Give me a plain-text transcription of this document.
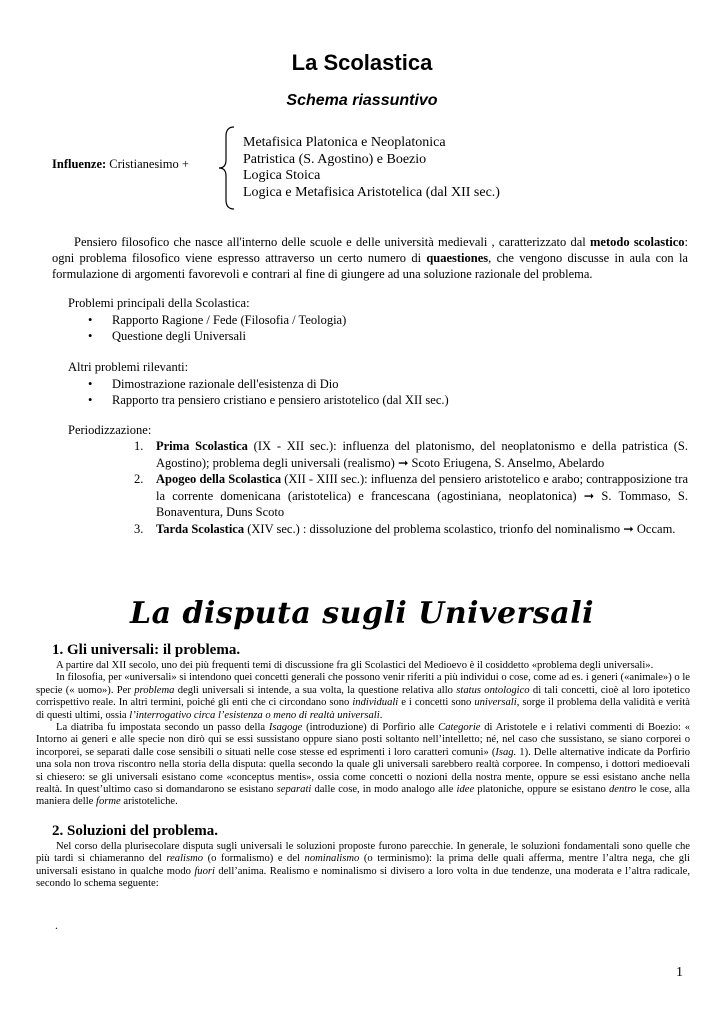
La Scolastica
Schema riassuntivo
Influenze: Cristianesimo +
Metafisica Platonica e Neoplatonica
Patristica (S. Agostino) e Boezio
Logica Stoica
Logica e Metafisica Aristotelica (dal XII sec.)
Pensiero filosofico che nasce all'interno delle scuole e delle università medievali , caratterizzato dal metodo scolastico: ogni problema filosofico viene espresso attraverso un certo numero di quaestiones, che vengono discusse in aula con la formulazione di argomenti favorevoli e contrari al fine di giungere ad una soluzione razionale del problema.
Problemi principali della Scolastica:
• Rapporto Ragione / Fede (Filosofia / Teologia)
• Questione degli Universali
Altri problemi rilevanti:
• Dimostrazione razionale dell'esistenza di Dio
• Rapporto tra pensiero cristiano e pensiero aristotelico (dal XII sec.)
Periodizzazione:
1. Prima Scolastica (IX - XII sec.): influenza del platonismo, del neoplatonismo e della patristica (S. Agostino); problema degli universali (realismo) ➞ Scoto Eriugena, S. Anselmo, Abelardo
2. Apogeo della Scolastica (XII - XIII sec.): influenza del pensiero aristotelico e arabo; contrapposizione tra la corrente domenicana (aristotelica) e francescana (agostiniana, neoplatonica) ➞ S. Tommaso, S. Bonaventura, Duns Scoto
3. Tarda Scolastica (XIV sec.) : dissoluzione del problema scolastico, trionfo del nominalismo ➞ Occam.
La disputa sugli Universali
1. Gli universali: il problema.

A partire dal XII secolo, uno dei più frequenti temi di discussione fra gli Scolastici del Medioevo è il cosiddetto «problema degli universali».

In filosofia, per «universali» si intendono quei concetti generali che possono venir riferiti a più individui o cose, come ad es. i generi («animale») o le specie (« uomo»). Per problema degli universali si intende, a sua volta, la questione relativa allo status ontologico di tali concetti, cioè al loro ipotetico corrispettivo reale. In altri termini, poiché gli enti che ci circondano sono individuali e i concetti sono universali, sorge il problema della validità e verità di questi ultimi, ossia l’interrogativo circa l’esistenza o meno di realtà universali.

La diatriba fu impostata secondo un passo della Isagoge (introduzione) di Porfirio alle Categorie di Aristotele e i relativi commenti di Boezio: « Intorno ai generi e alle specie non dirò qui se essi sussistano oppure siano posti soltanto nell’intelletto; né, nel caso che sussistano, se siano corporei o incorporei, se separati dalle cose sensibili o situati nelle cose stesse ed esprimenti i loro caratteri comuni» (Isag. 1). Delle alternative indicate da Porfirio una sola non trova riscontro nella storia della disputa: quella secondo la quale gli universali sarebbero realtà corporee. In compenso, i dottori medioevali si chiesero: se gli universali esistano come «conceptus mentis», ossia come concetti o nozioni della nostra mente, oppure se essi esistano anche nella realtà. In quest’ultimo caso si domandarono se esistano separati dalle cose, in modo analogo alle idee platoniche, oppure se esistano dentro le cose, alla maniera delle forme aristoteliche.

2. Soluzioni del problema.

Nel corso della plurisecolare disputa sugli universali le soluzioni proposte furono parecchie. In generale, le soluzioni fondamentali sono quelle che più tardi si chiameranno del realismo (o formalismo) e del nominalismo (o terminismo): la prima delle quali afferma, mentre l’altra nega, che gli universali esistano in qualche modo fuori dell’anima. Realismo e nominalismo si divisero a loro volta in due tendenze, una moderata e l’altra radicale, secondo lo schema seguente:

.
1
